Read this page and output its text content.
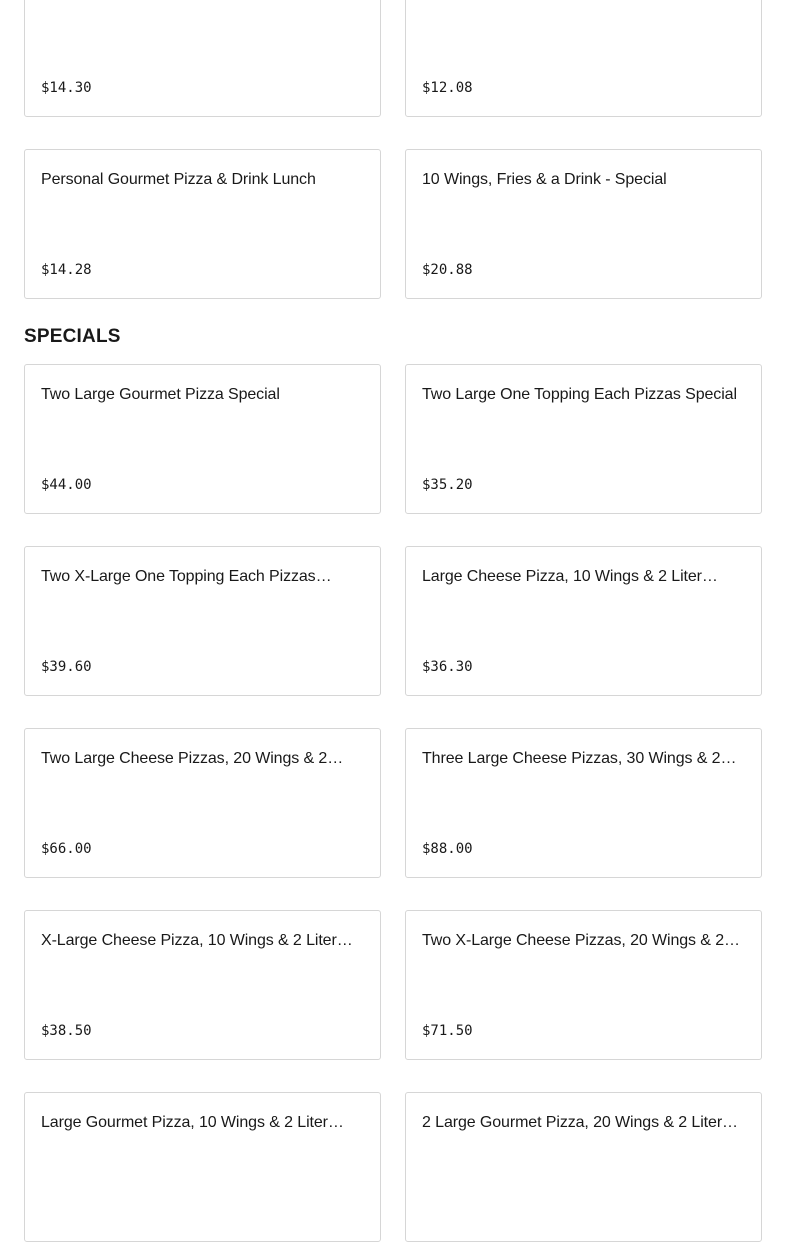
$14.30	$12.08
Personal Gourmet Pizza & Drink Lunch
$14.28
10 Wings, Fries & a Drink - Special
$20.88
SPECIALS
Two Large Gourmet Pizza Special
$44.00
Two Large One Topping Each Pizzas Special
$35.20
Two X-Large One Topping Each Pizzas…
$39.60
Large Cheese Pizza, 10 Wings & 2 Liter…
$36.30
Two Large Cheese Pizzas, 20 Wings & 2…
$66.00
Three Large Cheese Pizzas, 30 Wings & 2…
$88.00
X-Large Cheese Pizza, 10 Wings & 2 Liter…
$38.50
Two X-Large Cheese Pizzas, 20 Wings & 2…
$71.50
Large Gourmet Pizza, 10 Wings & 2 Liter…	2 Large Gourmet Pizza, 20 Wings & 2 Liter…
